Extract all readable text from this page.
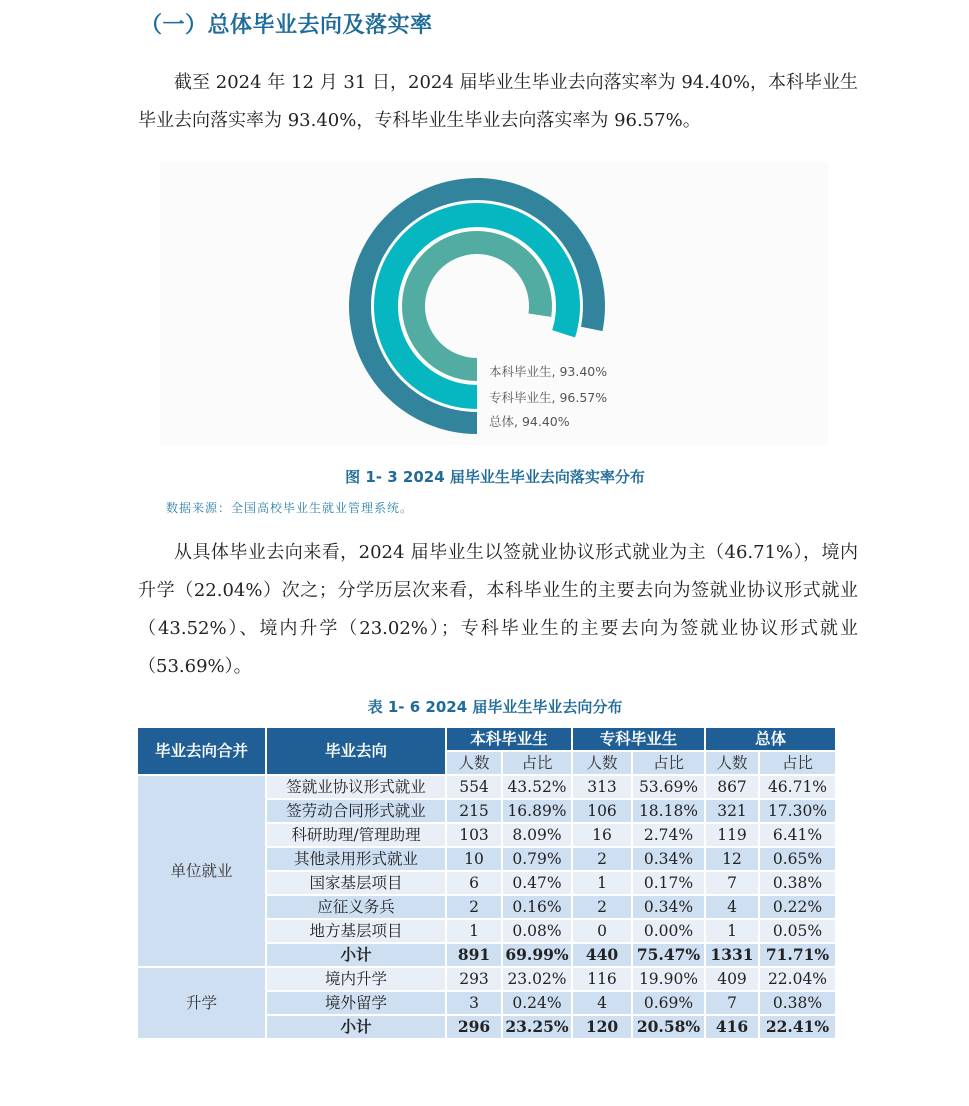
（一）总体毕业去向及落实率

截至 2024 年 12 月 31 日，2024 届毕业生毕业去向落实率为 94.40%，本科毕业生毕业去向落实率为 93.40%，专科毕业生毕业去向落实率为 96.57%。

本科毕业生, 93.40%
专科毕业生, 96.57%
总体, 94.40%
图 1- 3 2024 届毕业生毕业去向落实率分布
数据来源：全国高校毕业生就业管理系统。

从具体毕业去向来看，2024 届毕业生以签就业协议形式就业为主（46.71%），境内升学（22.04%）次之；分学历层次来看，本科毕业生的主要去向为签就业协议形式就业（43.52%）、境内升学（23.02%）；专科毕业生的主要去向为签就业协议形式就业（53.69%）。

表 1- 6 2024 届毕业生毕业去向分布
毕业去向合并	毕业去向	本科毕业生		专科毕业生		总体	
		人数	占比	人数	占比	人数	占比
单位就业	签就业协议形式就业	554	43.52%	313	53.69%	867	46.71%
	签劳动合同形式就业	215	16.89%	106	18.18%	321	17.30%
	科研助理/管理助理	103	8.09%	16	2.74%	119	6.41%
	其他录用形式就业	10	0.79%	2	0.34%	12	0.65%
	国家基层项目	6	0.47%	1	0.17%	7	0.38%
	应征义务兵	2	0.16%	2	0.34%	4	0.22%
	地方基层项目	1	0.08%	0	0.00%	1	0.05%
	小计	891	69.99%	440	75.47%	1331	71.71%
升学	境内升学	293	23.02%	116	19.90%	409	22.04%
	境外留学	3	0.24%	4	0.69%	7	0.38%
	小计	296	23.25%	120	20.58%	416	22.41%
